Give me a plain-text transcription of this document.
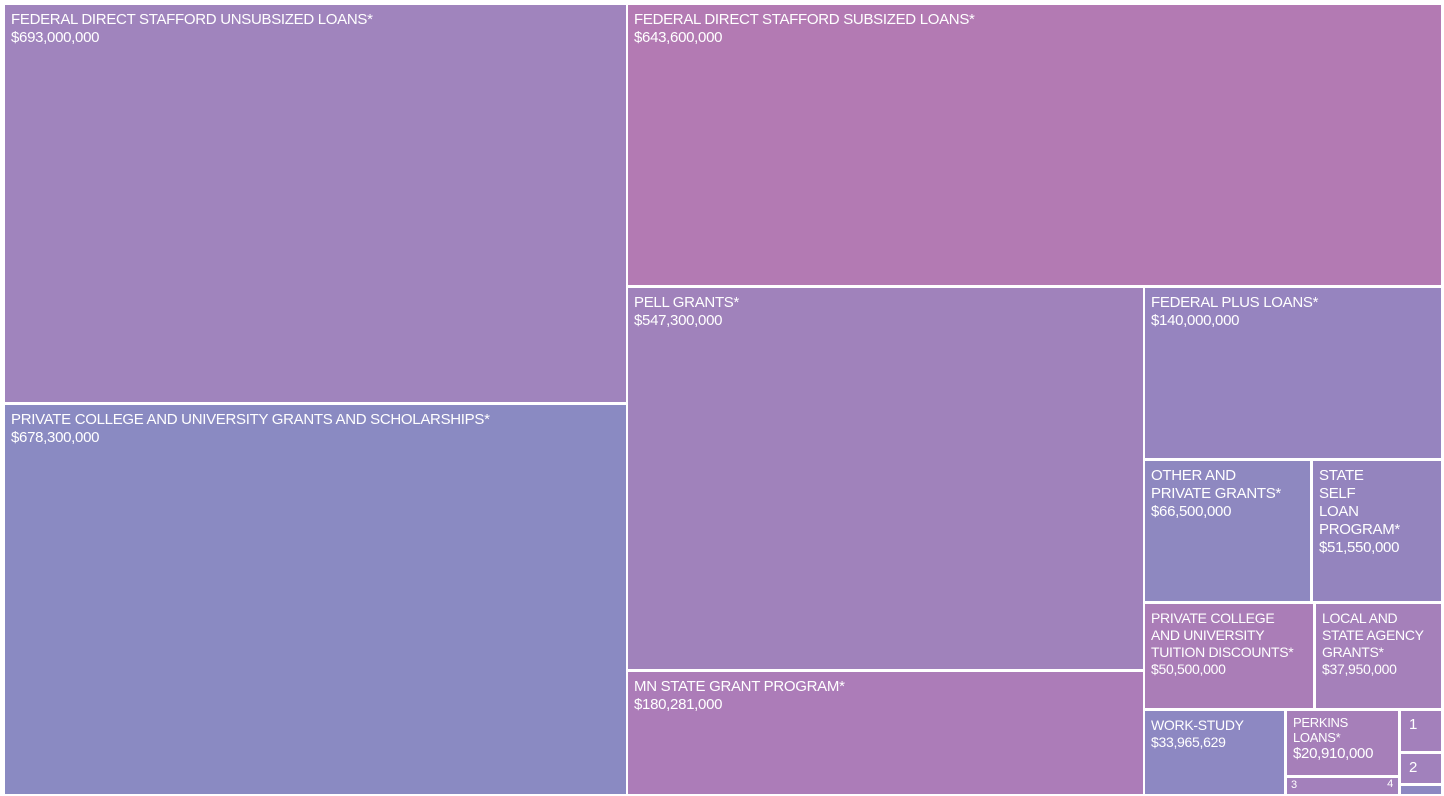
FEDERAL DIRECT STAFFORD UNSUBSIZED LOANS*
$693,000,000
PRIVATE COLLEGE AND UNIVERSITY GRANTS AND SCHOLARSHIPS*
$678,300,000
FEDERAL DIRECT STAFFORD SUBSIZED LOANS*
$643,600,000
PELL GRANTS*
$547,300,000
MN STATE GRANT PROGRAM*
$180,281,000
FEDERAL PLUS LOANS*
$140,000,000
OTHER AND PRIVATE GRANTS*
$66,500,000
STATE SELF LOAN PROGRAM*
$51,550,000
PRIVATE COLLEGE AND UNIVERSITY TUITION DISCOUNTS*
$50,500,000
LOCAL AND STATE AGENCY GRANTS*
$37,950,000
WORK-STUDY
$33,965,629
PERKINS LOANS*
$20,910,000
1
2
3	4
